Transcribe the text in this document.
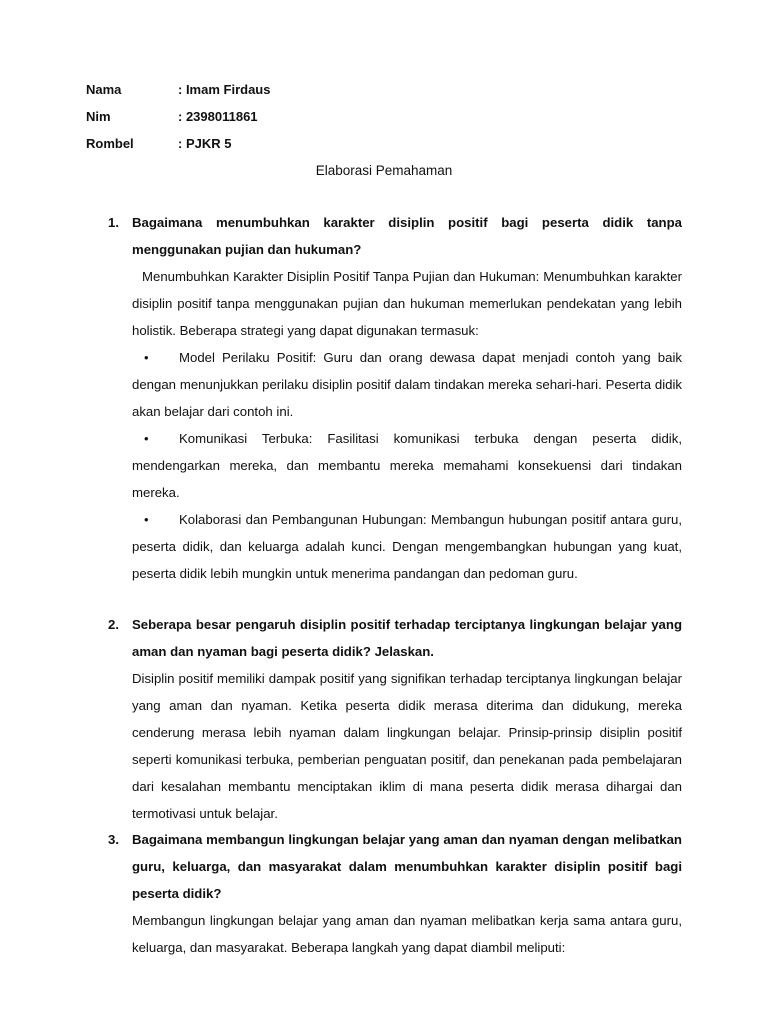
Nama	: Imam Firdaus
Nim	: 2398011861
Rombel	: PJKR 5
Elaborasi Pemahaman
1. Bagaimana menumbuhkan karakter disiplin positif bagi peserta didik tanpa menggunakan pujian dan hukuman?
Menumbuhkan Karakter Disiplin Positif Tanpa Pujian dan Hukuman: Menumbuhkan karakter disiplin positif tanpa menggunakan pujian dan hukuman memerlukan pendekatan yang lebih holistik. Beberapa strategi yang dapat digunakan termasuk:
•	Model Perilaku Positif: Guru dan orang dewasa dapat menjadi contoh yang baik dengan menunjukkan perilaku disiplin positif dalam tindakan mereka sehari-hari. Peserta didik akan belajar dari contoh ini.
•	Komunikasi Terbuka: Fasilitasi komunikasi terbuka dengan peserta didik, mendengarkan mereka, dan membantu mereka memahami konsekuensi dari tindakan mereka.
•	Kolaborasi dan Pembangunan Hubungan: Membangun hubungan positif antara guru, peserta didik, dan keluarga adalah kunci. Dengan mengembangkan hubungan yang kuat, peserta didik lebih mungkin untuk menerima pandangan dan pedoman guru.
2. Seberapa besar pengaruh disiplin positif terhadap terciptanya lingkungan belajar yang aman dan nyaman bagi peserta didik? Jelaskan.
Disiplin positif memiliki dampak positif yang signifikan terhadap terciptanya lingkungan belajar yang aman dan nyaman. Ketika peserta didik merasa diterima dan didukung, mereka cenderung merasa lebih nyaman dalam lingkungan belajar. Prinsip-prinsip disiplin positif seperti komunikasi terbuka, pemberian penguatan positif, dan penekanan pada pembelajaran dari kesalahan membantu menciptakan iklim di mana peserta didik merasa dihargai dan termotivasi untuk belajar.
3. Bagaimana membangun lingkungan belajar yang aman dan nyaman dengan melibatkan guru, keluarga, dan masyarakat dalam menumbuhkan karakter disiplin positif bagi peserta didik?
Membangun lingkungan belajar yang aman dan nyaman melibatkan kerja sama antara guru, keluarga, dan masyarakat. Beberapa langkah yang dapat diambil meliputi:
